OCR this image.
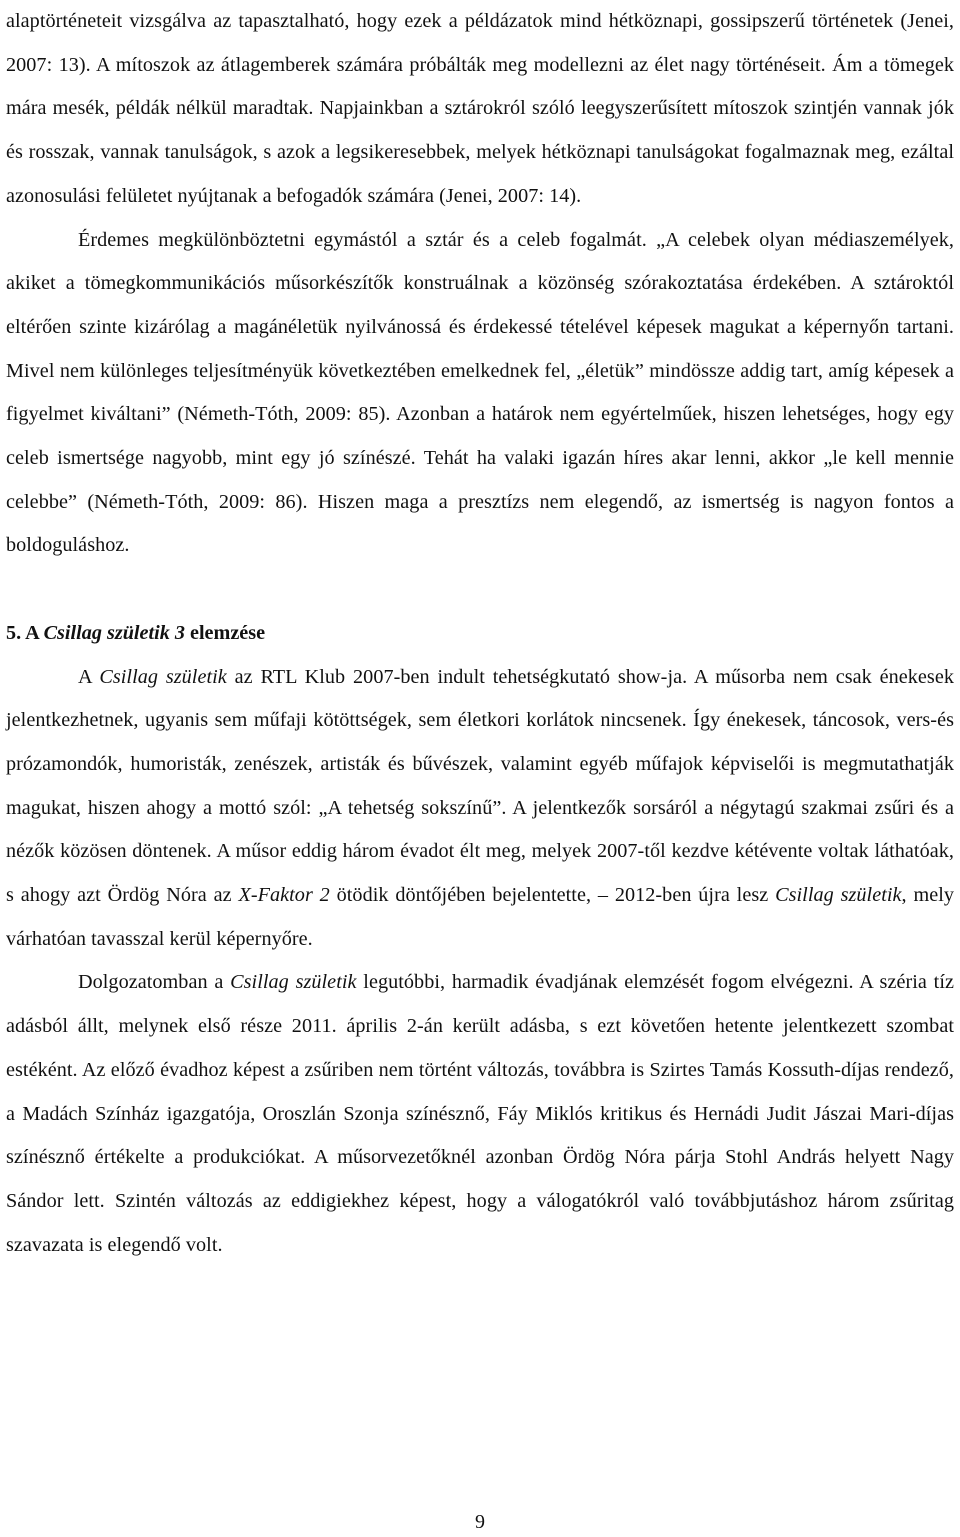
alaptörténeteit vizsgálva az tapasztalható, hogy ezek a példázatok mind hétköznapi, gossipszerű történetek (Jenei, 2007: 13). A mítoszok az átlagemberek számára próbálták meg modellezni az élet nagy történéseit. Ám a tömegek mára mesék, példák nélkül maradtak. Napjainkban a sztárokról szóló leegyszerűsített mítoszok szintjén vannak jók és rosszak, vannak tanulságok, s azok a legsikeresebbek, melyek hétköznapi tanulságokat fogalmaznak meg, ezáltal azonosulási felületet nyújtanak a befogadók számára (Jenei, 2007: 14).

Érdemes megkülönböztetni egymástól a sztár és a celeb fogalmát. „A celebek olyan médiaszemélyek, akiket a tömegkommunikációs műsorkészítők konstruálnak a közönség szórakoztatása érdekében. A sztároktól eltérően szinte kizárólag a magánéletük nyilvánossá és érdekessé tételével képesek magukat a képernyőn tartani. Mivel nem különleges teljesítményük következtében emelkednek fel, „életük” mindössze addig tart, amíg képesek a figyelmet kiváltani” (Németh-Tóth, 2009: 85). Azonban a határok nem egyértelműek, hiszen lehetséges, hogy egy celeb ismertsége nagyobb, mint egy jó színészé. Tehát ha valaki igazán híres akar lenni, akkor „le kell mennie celebbe” (Németh-Tóth, 2009: 86). Hiszen maga a presztízs nem elegendő, az ismertség is nagyon fontos a boldoguláshoz.

5. A Csillag születik 3 elemzése

A Csillag születik az RTL Klub 2007-ben indult tehetségkutató show-ja. A műsorba nem csak énekesek jelentkezhetnek, ugyanis sem műfaji kötöttségek, sem életkori korlátok nincsenek. Így énekesek, táncosok, vers-és prózamondók, humoristák, zenészek, artisták és bűvészek, valamint egyéb műfajok képviselői is megmutathatják magukat, hiszen ahogy a mottó szól: „A tehetség sokszínű”. A jelentkezők sorsáról a négytagú szakmai zsűri és a nézők közösen döntenek. A műsor eddig három évadot élt meg, melyek 2007-től kezdve kétévente voltak láthatóak, s ahogy azt Ördög Nóra az X-Faktor 2 ötödik döntőjében bejelentette, – 2012-ben újra lesz Csillag születik, mely várhatóan tavasszal kerül képernyőre.

Dolgozatomban a Csillag születik legutóbbi, harmadik évadjának elemzését fogom elvégezni. A széria tíz adásból állt, melynek első része 2011. április 2-án került adásba, s ezt követően hetente jelentkezett szombat estéként. Az előző évadhoz képest a zsűriben nem történt változás, továbbra is Szirtes Tamás Kossuth-díjas rendező, a Madách Színház igazgatója, Oroszlán Szonja színésznő, Fáy Miklós kritikus és Hernádi Judit Jászai Mari-díjas színésznő értékelte a produkciókat. A műsorvezetőknél azonban Ördög Nóra párja Stohl András helyett Nagy Sándor lett. Szintén változás az eddigiekhez képest, hogy a válogatókról való továbbjutáshoz három zsűritag szavazata is elegendő volt.

9
